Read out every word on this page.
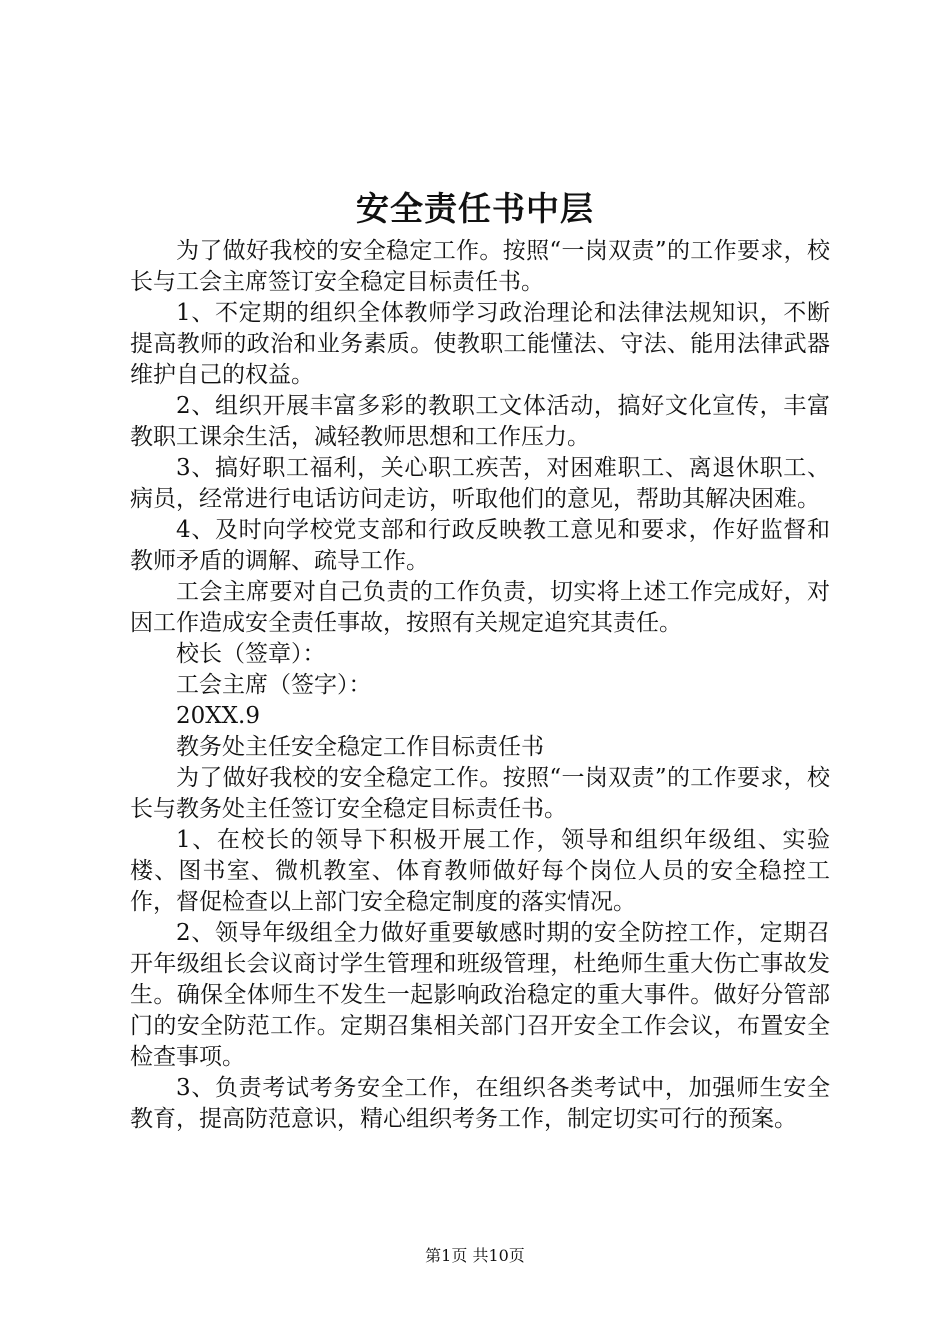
安全责任书中层

为了做好我校的安全稳定工作。按照“一岗双责”的工作要求，校长与工会主席签订安全稳定目标责任书。

1、不定期的组织全体教师学习政治理论和法律法规知识，不断提高教师的政治和业务素质。使教职工能懂法、守法、能用法律武器维护自己的权益。

2、组织开展丰富多彩的教职工文体活动，搞好文化宣传，丰富教职工课余生活，减轻教师思想和工作压力。

3、搞好职工福利，关心职工疾苦，对困难职工、离退休职工、病员，经常进行电话访问走访，听取他们的意见，帮助其解决困难。

4、及时向学校党支部和行政反映教工意见和要求，作好监督和教师矛盾的调解、疏导工作。

工会主席要对自己负责的工作负责，切实将上述工作完成好，对因工作造成安全责任事故，按照有关规定追究其责任。

校长（签章）：

工会主席（签字）：

20XX.9

教务处主任安全稳定工作目标责任书

为了做好我校的安全稳定工作。按照“一岗双责”的工作要求，校长与教务处主任签订安全稳定目标责任书。

1、在校长的领导下积极开展工作，领导和组织年级组、实验楼、图书室、微机教室、体育教师做好每个岗位人员的安全稳控工作，督促检查以上部门安全稳定制度的落实情况。

2、领导年级组全力做好重要敏感时期的安全防控工作，定期召开年级组长会议商讨学生管理和班级管理，杜绝师生重大伤亡事故发生。确保全体师生不发生一起影响政治稳定的重大事件。做好分管部门的安全防范工作。定期召集相关部门召开安全工作会议，布置安全检查事项。

3、负责考试考务安全工作，在组织各类考试中，加强师生安全教育，提高防范意识，精心组织考务工作，制定切实可行的预案。

第1页 共10页
